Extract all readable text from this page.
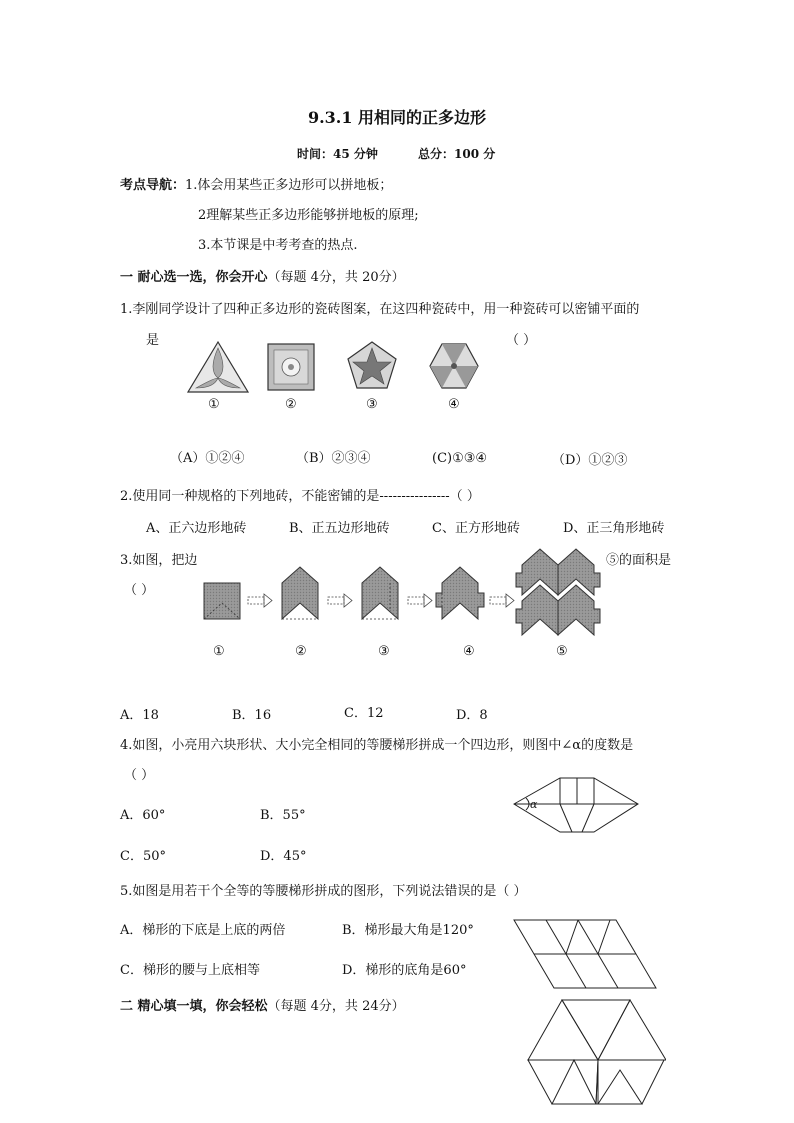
9.3.1 用相同的正多边形
时间：45 分钟	总分：100 分
考点导航：1.体会用某些正多边形可以拼地板；
2理解某些正多边形能够拼地板的原理;
3.本节课是中考考查的热点.
一 耐心选一选，你会开心（每题 4分，共 20分）
1.李刚同学设计了四种正多边形的瓷砖图案，在这四种瓷砖中，用一种瓷砖可以密铺平面的
是	（ ）
①	②	③	④
（A）①②④	（B）②③④	(C)①③④	（D）①②③
2.使用同一种规格的下列地砖，不能密铺的是----------------（ ）
A、正六边形地砖	B、正五边形地砖	C、正方形地砖	D、正三角形地砖
3.如图，把边	⑤的面积是
（ ）
①	②	③	④	⑤
A．18	B．16	C．12	D．8
4.如图，小亮用六块形状、大小完全相同的等腰梯形拼成一个四边形，则图中∠α的度数是
（ ）
α
A．60°	B．55°
C．50°	D．45°
5.如图是用若干个全等的等腰梯形拼成的图形，下列说法错误的是（ ）
A．梯形的下底是上底的两倍	B．梯形最大角是120°
C．梯形的腰与上底相等	D．梯形的底角是60°
二 精心填一填，你会轻松（每题 4分，共 24分）
